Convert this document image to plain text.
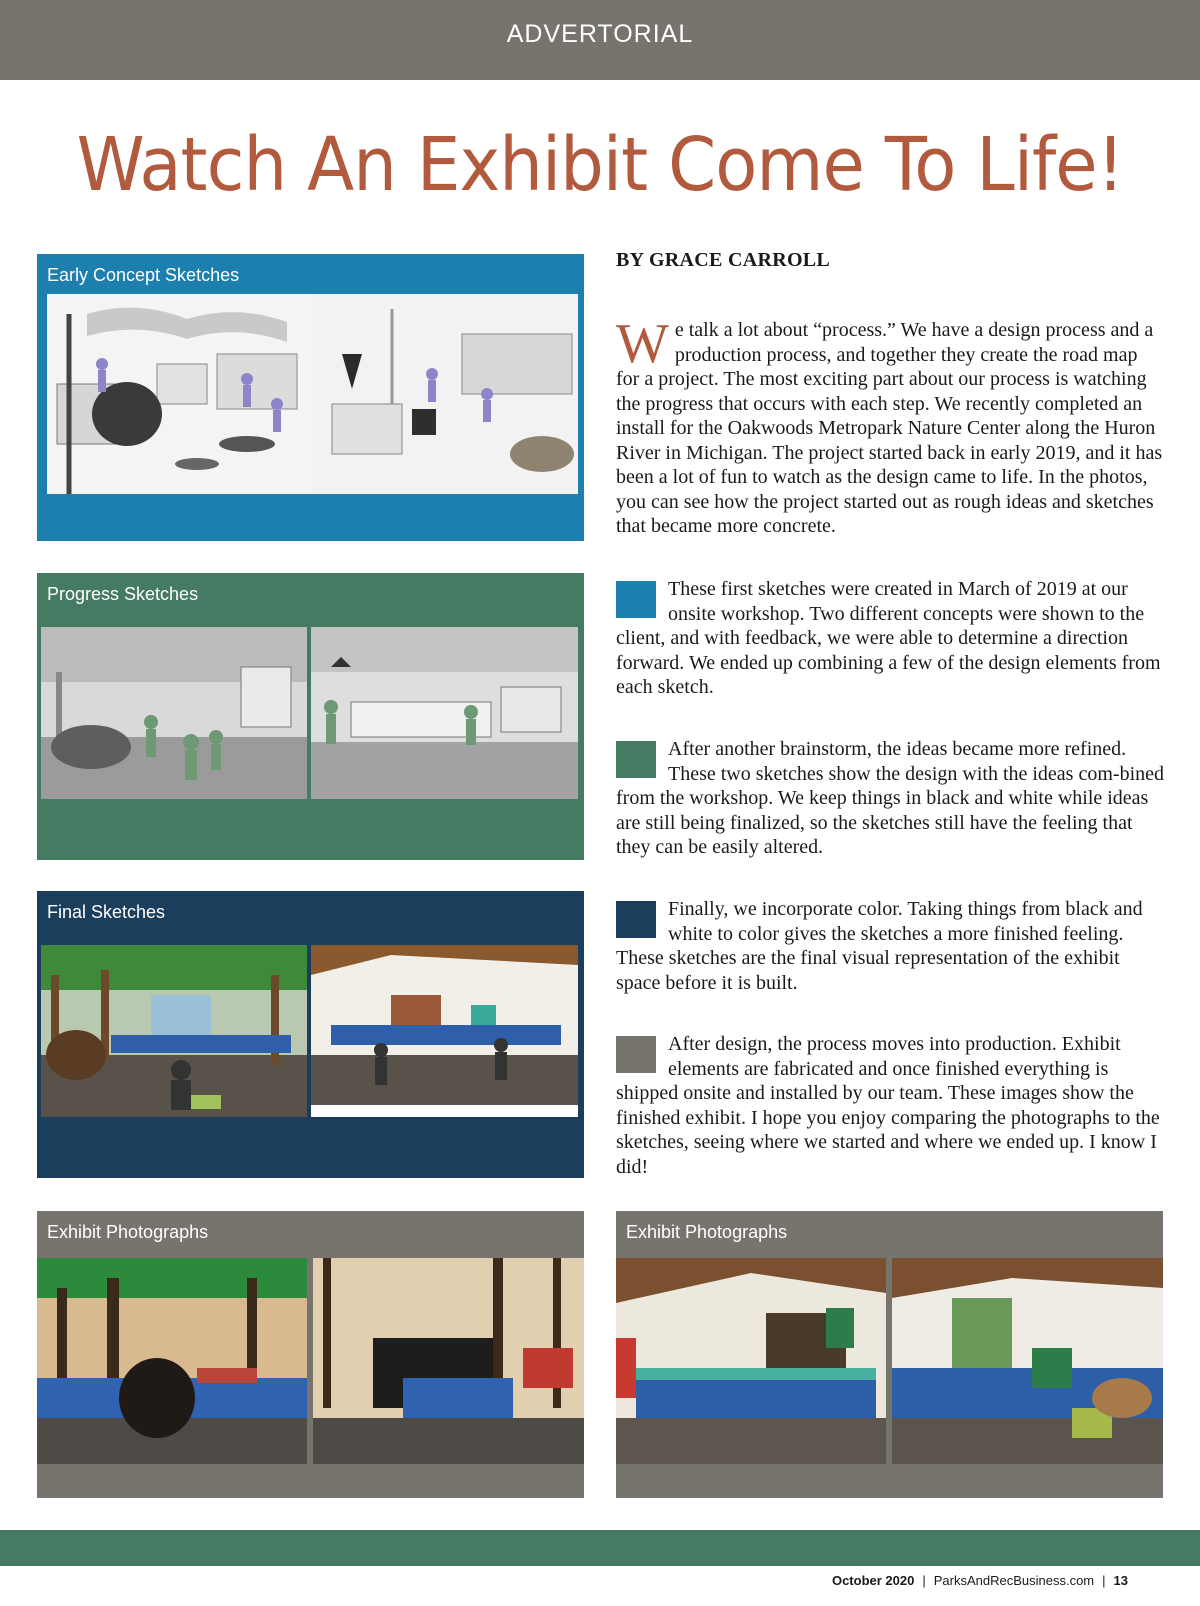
ADVERTORIAL
Watch An Exhibit Come To Life!
Early Concept Sketches
Progress Sketches
Final Sketches
Exhibit Photographs	Exhibit Photographs
BY GRACE CARROLL
W e talk a lot about “process.” We have a design process and a production process, and together they create the road map for a project. The most exciting part about our process is watching the progress that occurs with each step. We recently completed an install for the Oakwoods Metropark Nature Center along the Huron River in Michigan. The project started back in early 2019, and it has been a lot of fun to watch as the design came to life. In the photos, you can see how the project started out as rough ideas and sketches that became more concrete.
These first sketches were created in March of 2019 at our onsite workshop. Two different concepts were shown to the client, and with feedback, we were able to determine a direction forward. We ended up combining a few of the design elements from each sketch.
After another brainstorm, the ideas became more refined. These two sketches show the design with the ideas com-bined from the workshop. We keep things in black and white while ideas are still being finalized, so the sketches still have the feeling that they can be easily altered.
Finally, we incorporate color. Taking things from black and white to color gives the sketches a more finished feeling. These sketches are the final visual representation of the exhibit space before it is built.
After design, the process moves into production. Exhibit elements are fabricated and once finished everything is shipped onsite and installed by our team. These images show the finished exhibit. I hope you enjoy comparing the photographs to the sketches, seeing where we started and where we ended up. I know I did!
October 2020 | ParksAndRecBusiness.com | 13
